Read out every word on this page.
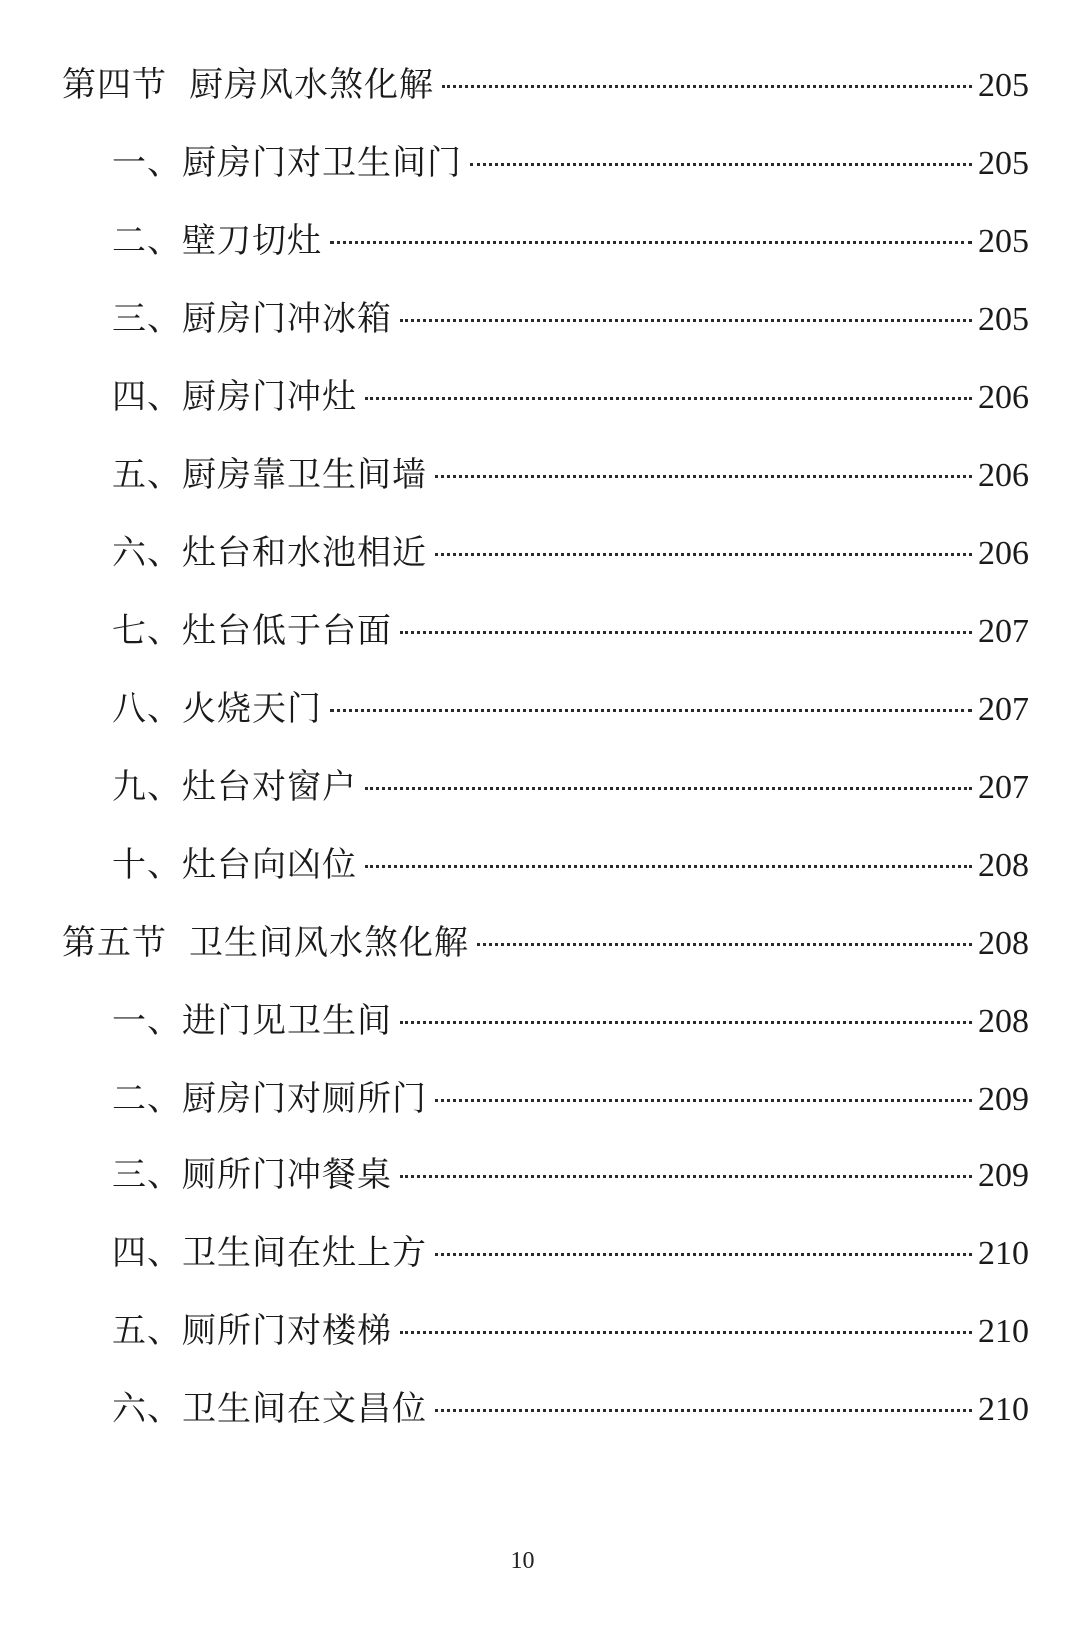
第四节 厨房风水煞化解	205
一、厨房门对卫生间门	205
二、壁刀切灶	205
三、厨房门冲冰箱	205
四、厨房门冲灶	206
五、厨房靠卫生间墙	206
六、灶台和水池相近	206
七、灶台低于台面	207
八、火烧天门	207
九、灶台对窗户	207
十、灶台向凶位	208
第五节 卫生间风水煞化解	208
一、进门见卫生间	208
二、厨房门对厕所门	209
三、厕所门冲餐桌	209
四、卫生间在灶上方	210
五、厕所门对楼梯	210
六、卫生间在文昌位	210
10
